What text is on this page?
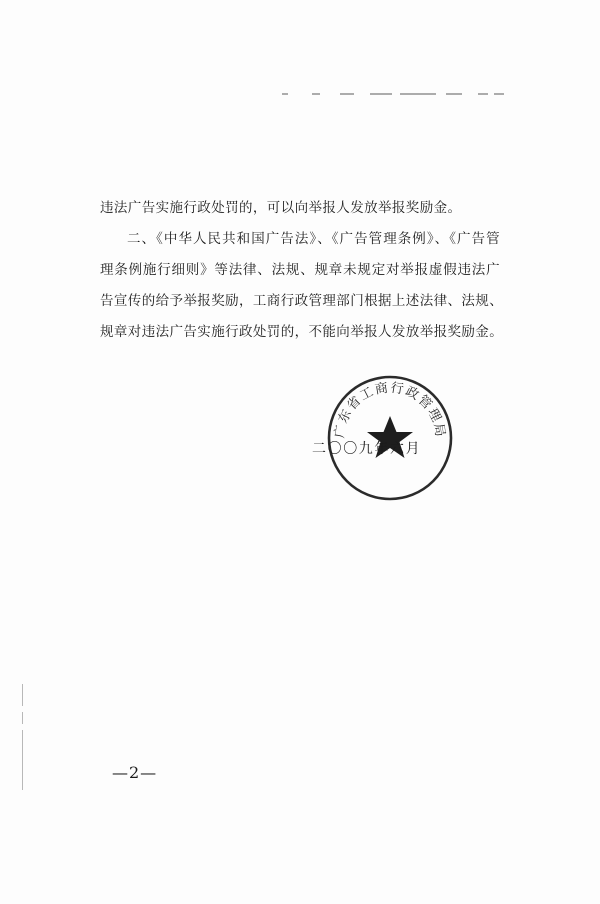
违法广告实施行政处罚的，可以向举报人发放举报奖励金。
二、《中华人民共和国广告法》、《广告管理条例》、《广告管
理条例施行细则》等法律、法规、规章未规定对举报虚假违法广
告宣传的给予举报奖励，工商行政管理部门根据上述法律、法规、
规章对违法广告实施行政处罚的，不能向举报人发放举报奖励金。
广东省工商行政管理局
二〇〇九年六月
—2—
